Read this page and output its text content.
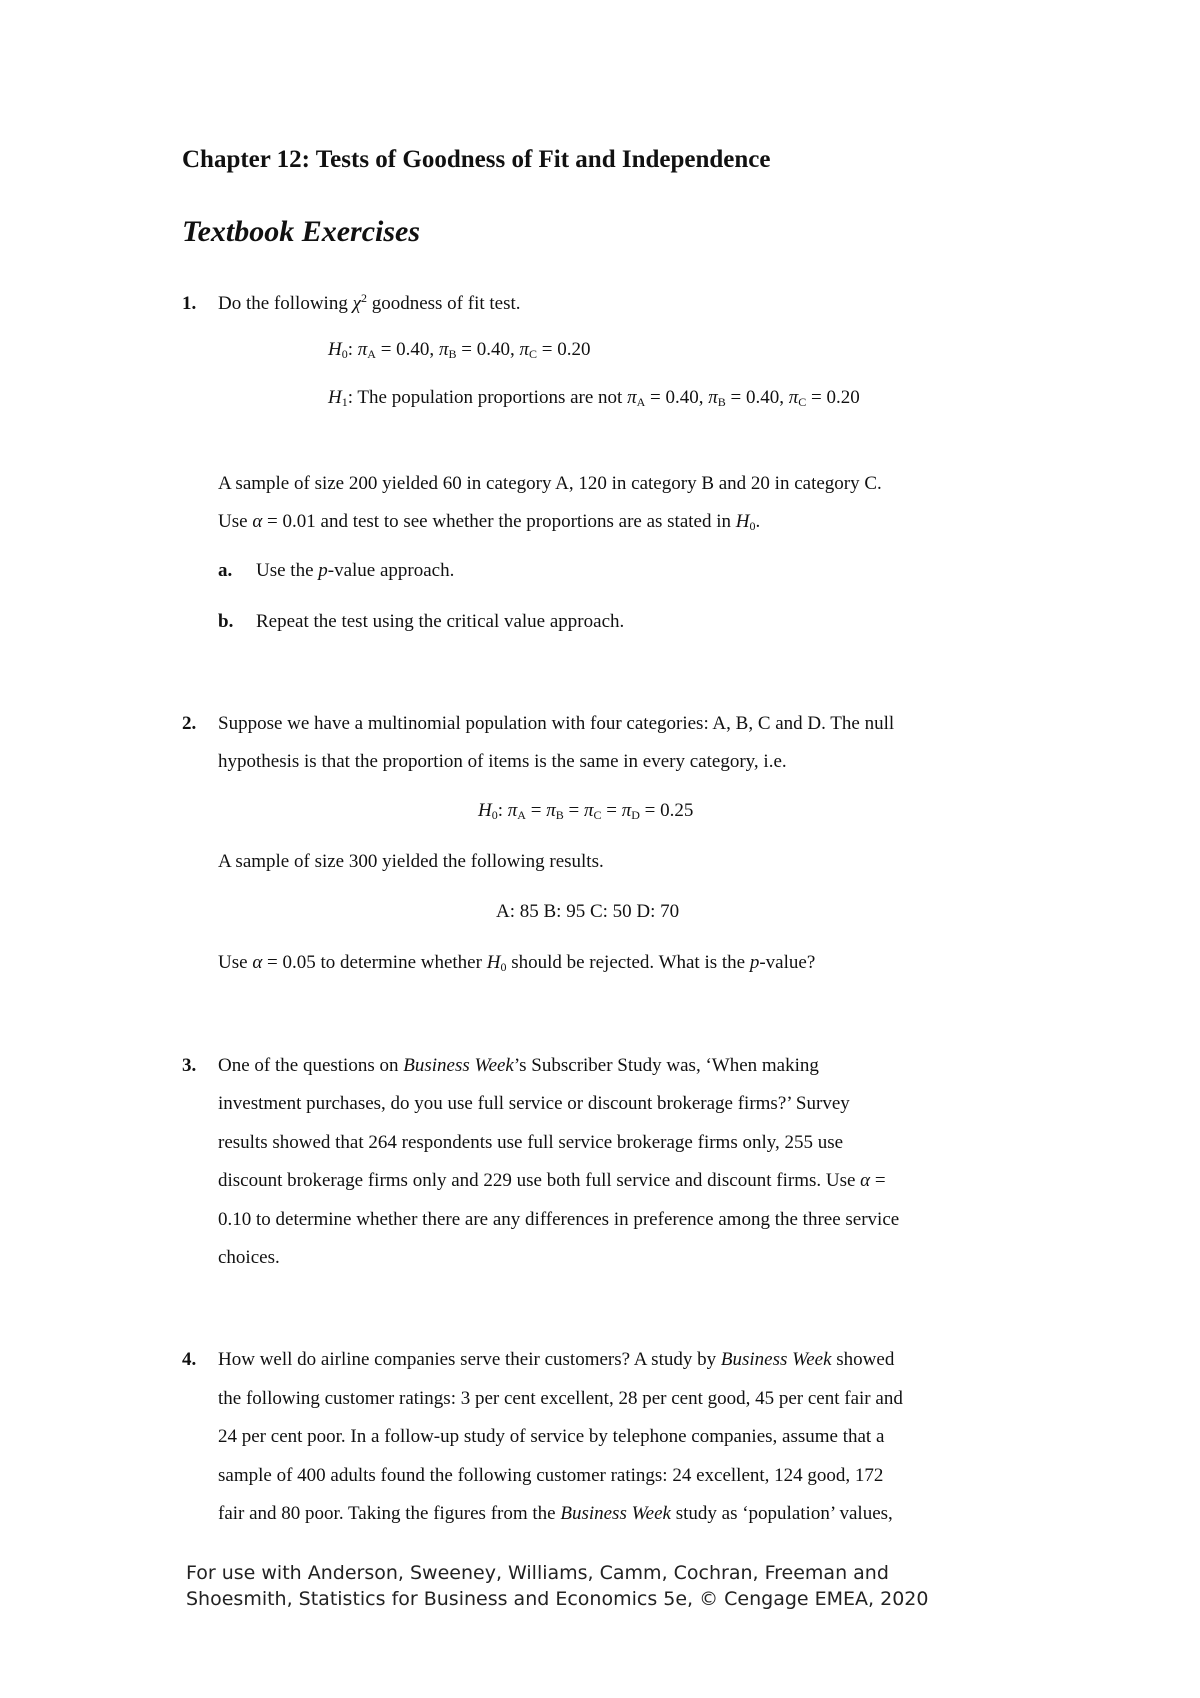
Chapter 12: Tests of Goodness of Fit and Independence
Textbook Exercises
1. Do the following $\chi^2$ goodness of fit test.
$H_0$: $\pi_A = 0.40$, $\pi_B = 0.40$, $\pi_C = 0.20$
$H_1$: The population proportions are not $\pi_A = 0.40$, $\pi_B = 0.40$, $\pi_C = 0.20$
A sample of size 200 yielded 60 in category A, 120 in category B and 20 in category C.
Use α = 0.01 and test to see whether the proportions are as stated in $H_0$.
a. Use the p-value approach.
b. Repeat the test using the critical value approach.
2. Suppose we have a multinomial population with four categories: A, B, C and D. The null
hypothesis is that the proportion of items is the same in every category, i.e.
$H_0$: $\pi_A = \pi_B = \pi_C = \pi_D = 0.25$
A sample of size 300 yielded the following results.
A: 85 B: 95 C: 50 D: 70
Use α = 0.05 to determine whether $H_0$ should be rejected. What is the p-value?
3. One of the questions on Business Week’s Subscriber Study was, ‘When making
investment purchases, do you use full service or discount brokerage firms?’ Survey
results showed that 264 respondents use full service brokerage firms only, 255 use
discount brokerage firms only and 229 use both full service and discount firms. Use α =
0.10 to determine whether there are any differences in preference among the three service
choices.
4. How well do airline companies serve their customers? A study by Business Week showed
the following customer ratings: 3 per cent excellent, 28 per cent good, 45 per cent fair and
24 per cent poor. In a follow-up study of service by telephone companies, assume that a
sample of 400 adults found the following customer ratings: 24 excellent, 124 good, 172
fair and 80 poor. Taking the figures from the Business Week study as ‘population’ values,
For use with Anderson, Sweeney, Williams, Camm, Cochran, Freeman and
Shoesmith, Statistics for Business and Economics 5e, © Cengage EMEA, 2020
